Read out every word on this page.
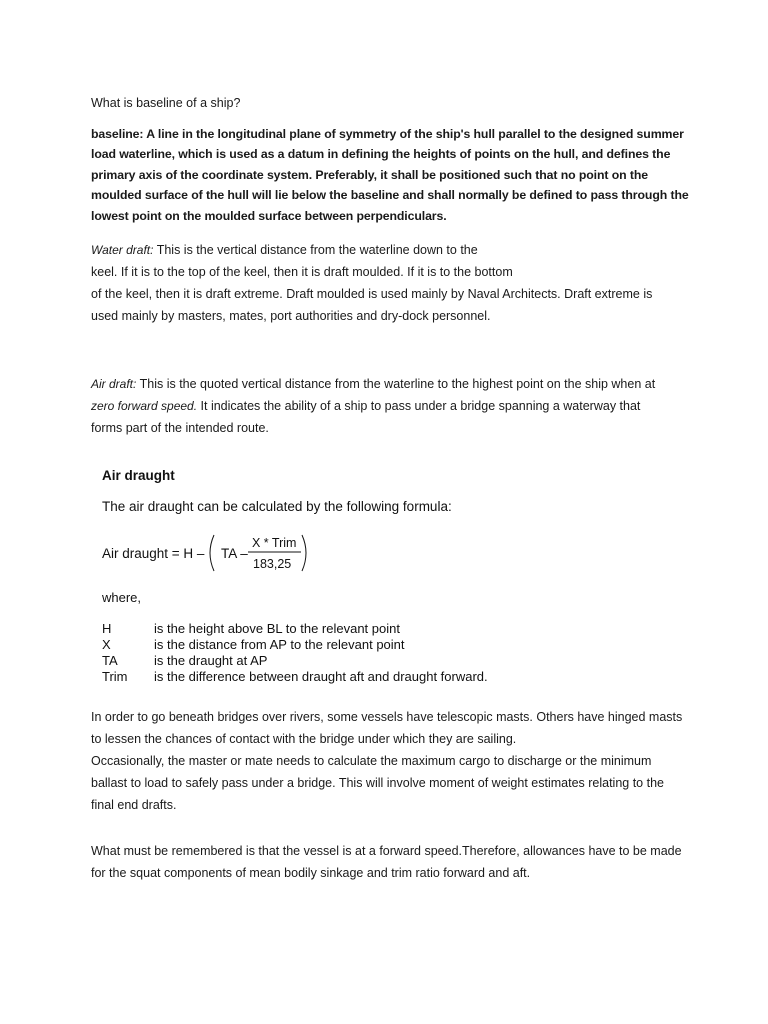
What is baseline of a ship?

baseline: A line in the longitudinal plane of symmetry of the ship's hull parallel to the designed summer
load waterline, which is used as a datum in defining the heights of points on the hull, and defines the
primary axis of the coordinate system. Preferably, it shall be positioned such that no point on the
moulded surface of the hull will lie below the baseline and shall normally be defined to pass through the
lowest point on the moulded surface between perpendiculars.

Water draft: This is the vertical distance from the waterline down to the
keel. If it is to the top of the keel, then it is draft moulded. If it is to the bottom
of the keel, then it is draft extreme. Draft moulded is used mainly by Naval Architects. Draft extreme is
used mainly by masters, mates, port authorities and dry-dock personnel.

Air draft: This is the quoted vertical distance from the waterline to the highest point on the ship when at
zero forward speed. It indicates the ability of a ship to pass under a bridge spanning a waterway that
forms part of the intended route.

Air draught
The air draught can be calculated by the following formula:
Air draught = H – TA –
X * Trim
183,25
where,
H	is the height above BL to the relevant point
X	is the distance from AP to the relevant point
TA	is the draught at AP
Trim	is the difference between draught aft and draught forward.

In order to go beneath bridges over rivers, some vessels have telescopic masts. Others have hinged masts
to lessen the chances of contact with the bridge under which they are sailing.
Occasionally, the master or mate needs to calculate the maximum cargo to discharge or the minimum
ballast to load to safely pass under a bridge. This will involve moment of weight estimates relating to the
final end drafts.

What must be remembered is that the vessel is at a forward speed.Therefore, allowances have to be made
for the squat components of mean bodily sinkage and trim ratio forward and aft.
